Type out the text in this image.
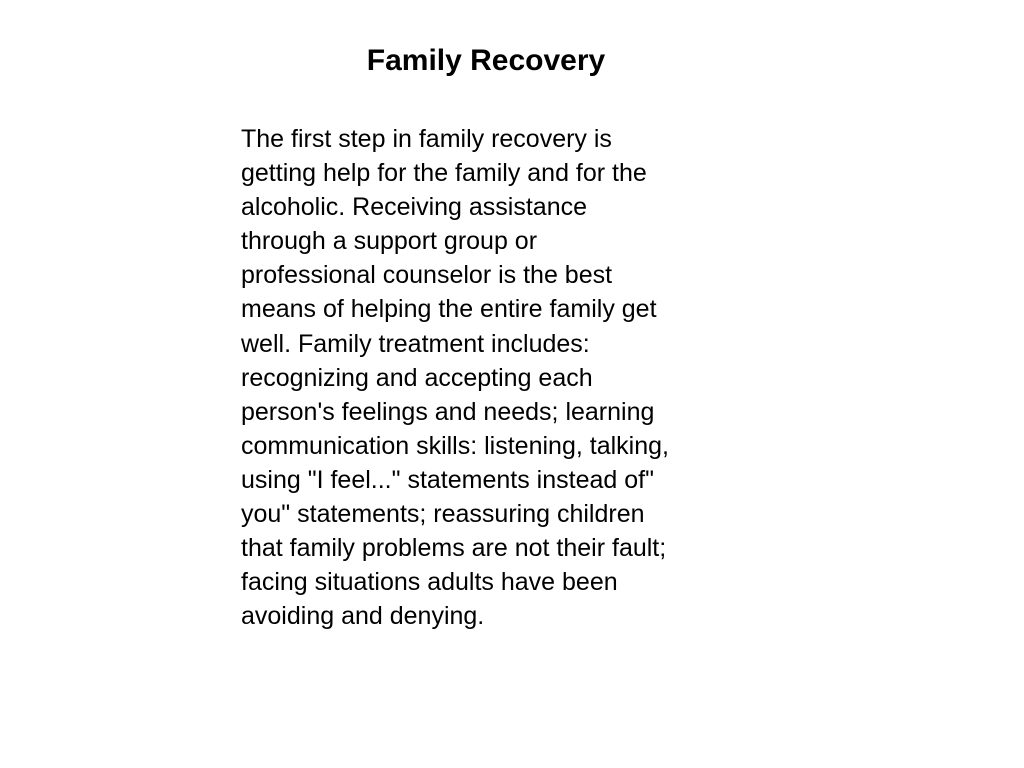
Family Recovery
The first step in family recovery is
getting help for the family and for the
alcoholic. Receiving assistance
through a support group or
professional counselor is the best
means of helping the entire family get
well. Family treatment includes:
recognizing and accepting each
person's feelings and needs; learning
communication skills: listening, talking,
using "I feel..." statements instead of"
you" statements; reassuring children
that family problems are not their fault;
facing situations adults have been
avoiding and denying.
